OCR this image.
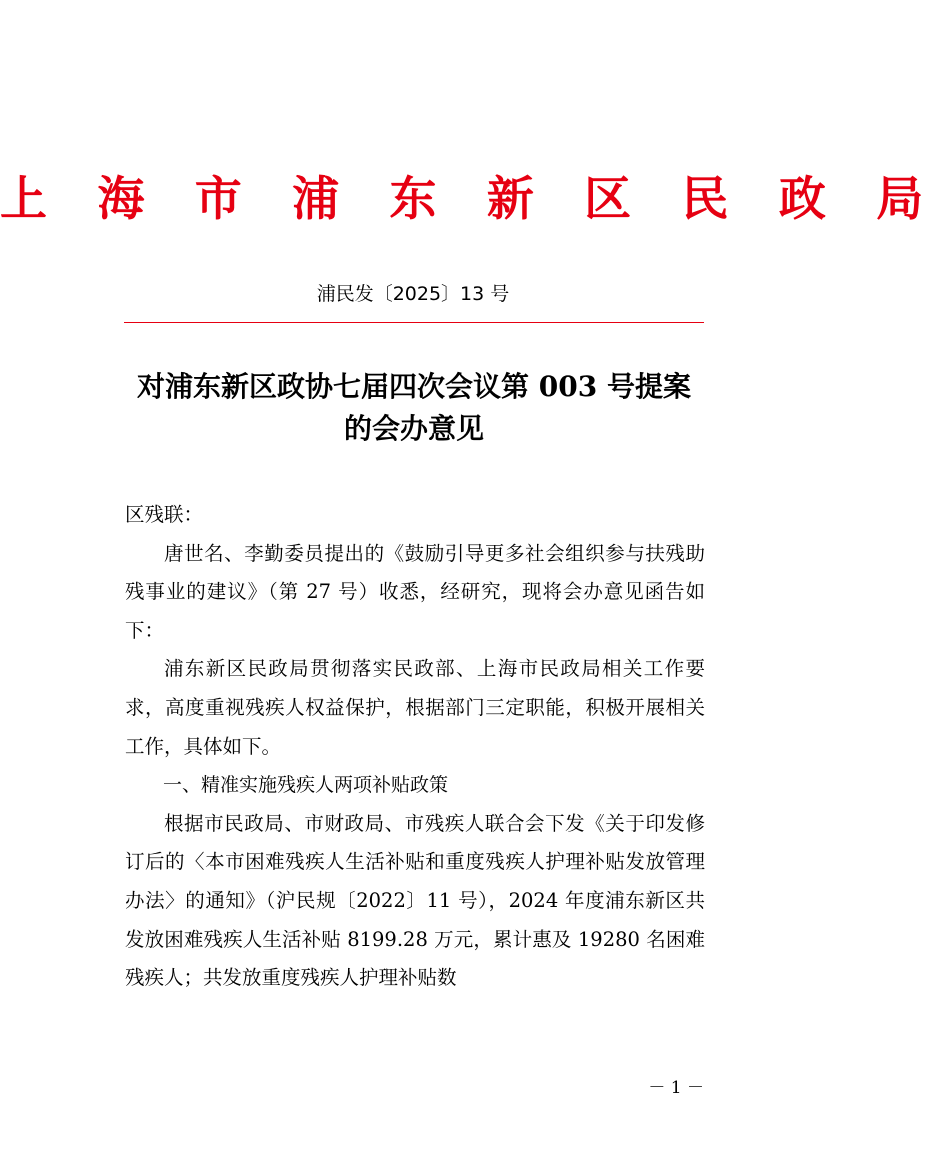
上 海 市 浦 东 新 区 民 政 局
浦民发〔2025〕13 号
对浦东新区政协七届四次会议第 003 号提案
的会办意见

区残联：

唐世名、李勤委员提出的《鼓励引导更多社会组织参与扶残助残事业的建议》（第 27 号）收悉，经研究，现将会办意见函告如下：

浦东新区民政局贯彻落实民政部、上海市民政局相关工作要求，高度重视残疾人权益保护，根据部门三定职能，积极开展相关工作，具体如下。

一、精准实施残疾人两项补贴政策

根据市民政局、市财政局、市残疾人联合会下发《关于印发修订后的〈本市困难残疾人生活补贴和重度残疾人护理补贴发放管理办法〉的通知》（沪民规〔2022〕11 号），2024 年度浦东新区共发放困难残疾人生活补贴 8199.28 万元，累计惠及 19280 名困难残疾人；共发放重度残疾人护理补贴数

－ 1 －
